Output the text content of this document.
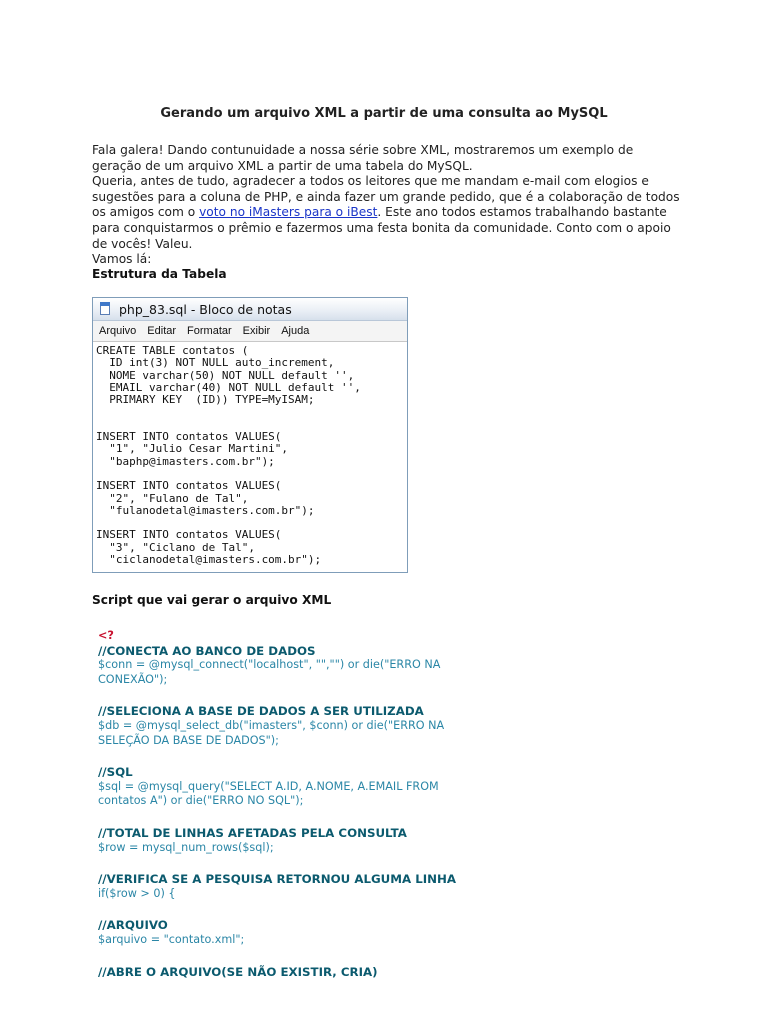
Gerando um arquivo XML a partir de uma consulta ao MySQL

Fala galera! Dando contunuidade a nossa série sobre XML, mostraremos um exemplo de geração de um arquivo XML a partir de uma tabela do MySQL.

Queria, antes de tudo, agradecer a todos os leitores que me mandam e-mail com elogios e sugestões para a coluna de PHP, e ainda fazer um grande pedido, que é a colaboração de todos os amigos com o voto no iMasters para o iBest. Este ano todos estamos trabalhando bastante para conquistarmos o prêmio e fazermos uma festa bonita da comunidade. Conto com o apoio de vocês! Valeu.

Vamos lá:

Estrutura da Tabela
php_83.sql - Bloco de notas
Arquivo Editar Formatar Exibir Ajuda
CREATE TABLE contatos (
ID int(3) NOT NULL auto_increment,
NOME varchar(50) NOT NULL default '',
EMAIL varchar(40) NOT NULL default '',
PRIMARY KEY  (ID)) TYPE=MyISAM;

INSERT INTO contatos VALUES(
"1", "Julio Cesar Martini",
"baphp@imasters.com.br");

INSERT INTO contatos VALUES(
"2", "Fulano de Tal",
"fulanodetal@imasters.com.br");

INSERT INTO contatos VALUES(
"3", "Ciclano de Tal",
"ciclanodetal@imasters.com.br");
Script que vai gerar o arquivo XML
<?
//CONECTA AO BANCO DE DADOS
$conn = @mysql_connect("localhost", "","") or die("ERRO NA
CONEXÃO");
//SELECIONA A BASE DE DADOS A SER UTILIZADA
$db = @mysql_select_db("imasters", $conn) or die("ERRO NA
SELEÇÃO DA BASE DE DADOS");
//SQL
$sql = @mysql_query("SELECT A.ID, A.NOME, A.EMAIL FROM
contatos A") or die("ERRO NO SQL");
//TOTAL DE LINHAS AFETADAS PELA CONSULTA
$row = mysql_num_rows($sql);
//VERIFICA SE A PESQUISA RETORNOU ALGUMA LINHA
if($row > 0) {
//ARQUIVO
$arquivo = "contato.xml";
//ABRE O ARQUIVO(SE NÃO EXISTIR, CRIA)
